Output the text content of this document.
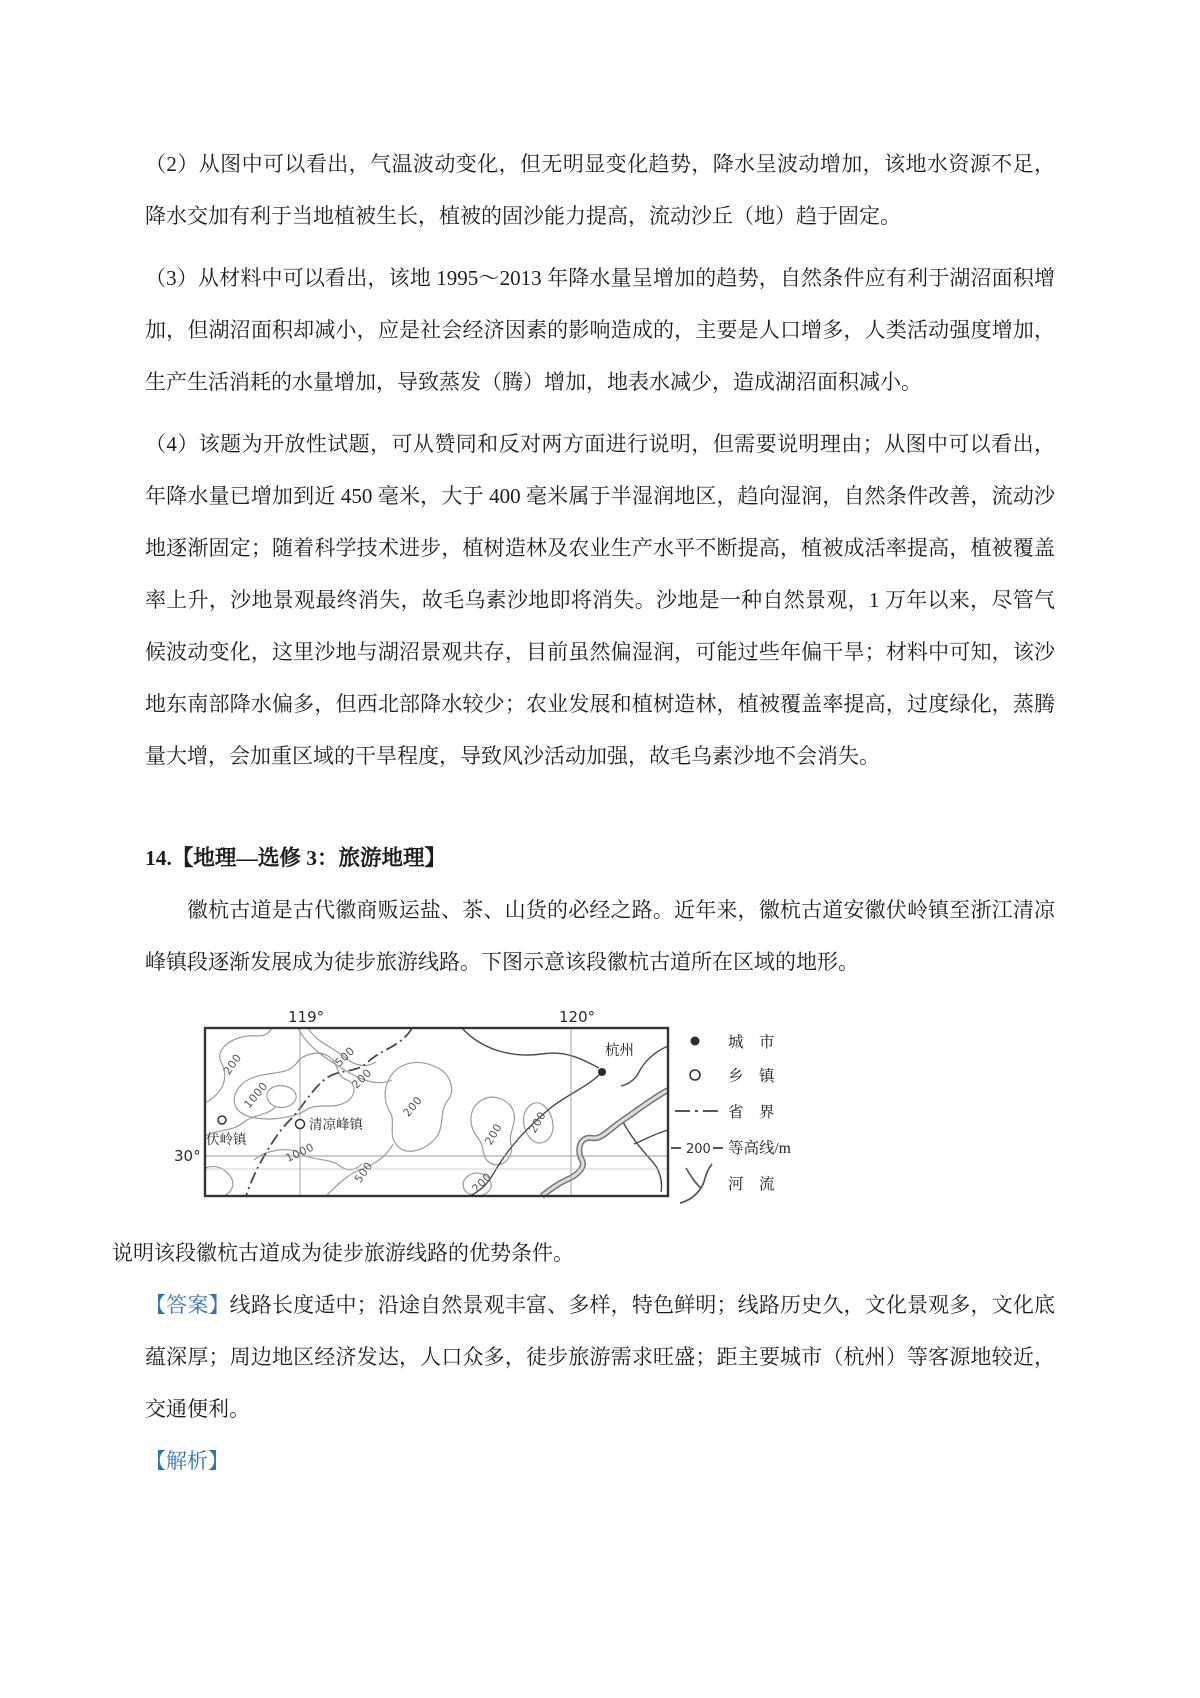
（2）从图中可以看出，气温波动变化，但无明显变化趋势，降水呈波动增加，该地水资源不足，降水交加有利于当地植被生长，植被的固沙能力提高，流动沙丘（地）趋于固定。

（3）从材料中可以看出，该地 1995～2013 年降水量呈增加的趋势，自然条件应有利于湖沼面积增加，但湖沼面积却减小，应是社会经济因素的影响造成的，主要是人口增多，人类活动强度增加，生产生活消耗的水量增加，导致蒸发（腾）增加，地表水减少，造成湖沼面积减小。

（4）该题为开放性试题，可从赞同和反对两方面进行说明，但需要说明理由；从图中可以看出，年降水量已增加到近 450 毫米，大于 400 毫米属于半湿润地区，趋向湿润，自然条件改善，流动沙地逐渐固定；随着科学技术进步，植树造林及农业生产水平不断提高，植被成活率提高，植被覆盖率上升，沙地景观最终消失，故毛乌素沙地即将消失。沙地是一种自然景观，1 万年以来，尽管气候波动变化，这里沙地与湖沼景观共存，目前虽然偏湿润，可能过些年偏干旱；材料中可知，该沙地东南部降水偏多，但西北部降水较少；农业发展和植树造林，植被覆盖率提高，过度绿化，蒸腾量大增，会加重区域的干旱程度，导致风沙活动加强，故毛乌素沙地不会消失。

14.【地理—选修 3：旅游地理】

徽杭古道是古代徽商贩运盐、茶、山货的必经之路。近年来，徽杭古道安徽伏岭镇至浙江清凉峰镇段逐渐发展成为徒步旅游线路。下图示意该段徽杭古道所在区域的地形。

119°	120°
30°
200
1000
500
200
200
200 200
1000
500	200
伏岭镇
清凉峰镇
杭州	城　市
乡　镇
省　界
200 等高线/m
河　流

说明该段徽杭古道成为徒步旅游线路的优势条件。

【答案】线路长度适中；沿途自然景观丰富、多样，特色鲜明；线路历史久，文化景观多，文化底蕴深厚；周边地区经济发达，人口众多，徒步旅游需求旺盛；距主要城市（杭州）等客源地较近，交通便利。

【解析】
